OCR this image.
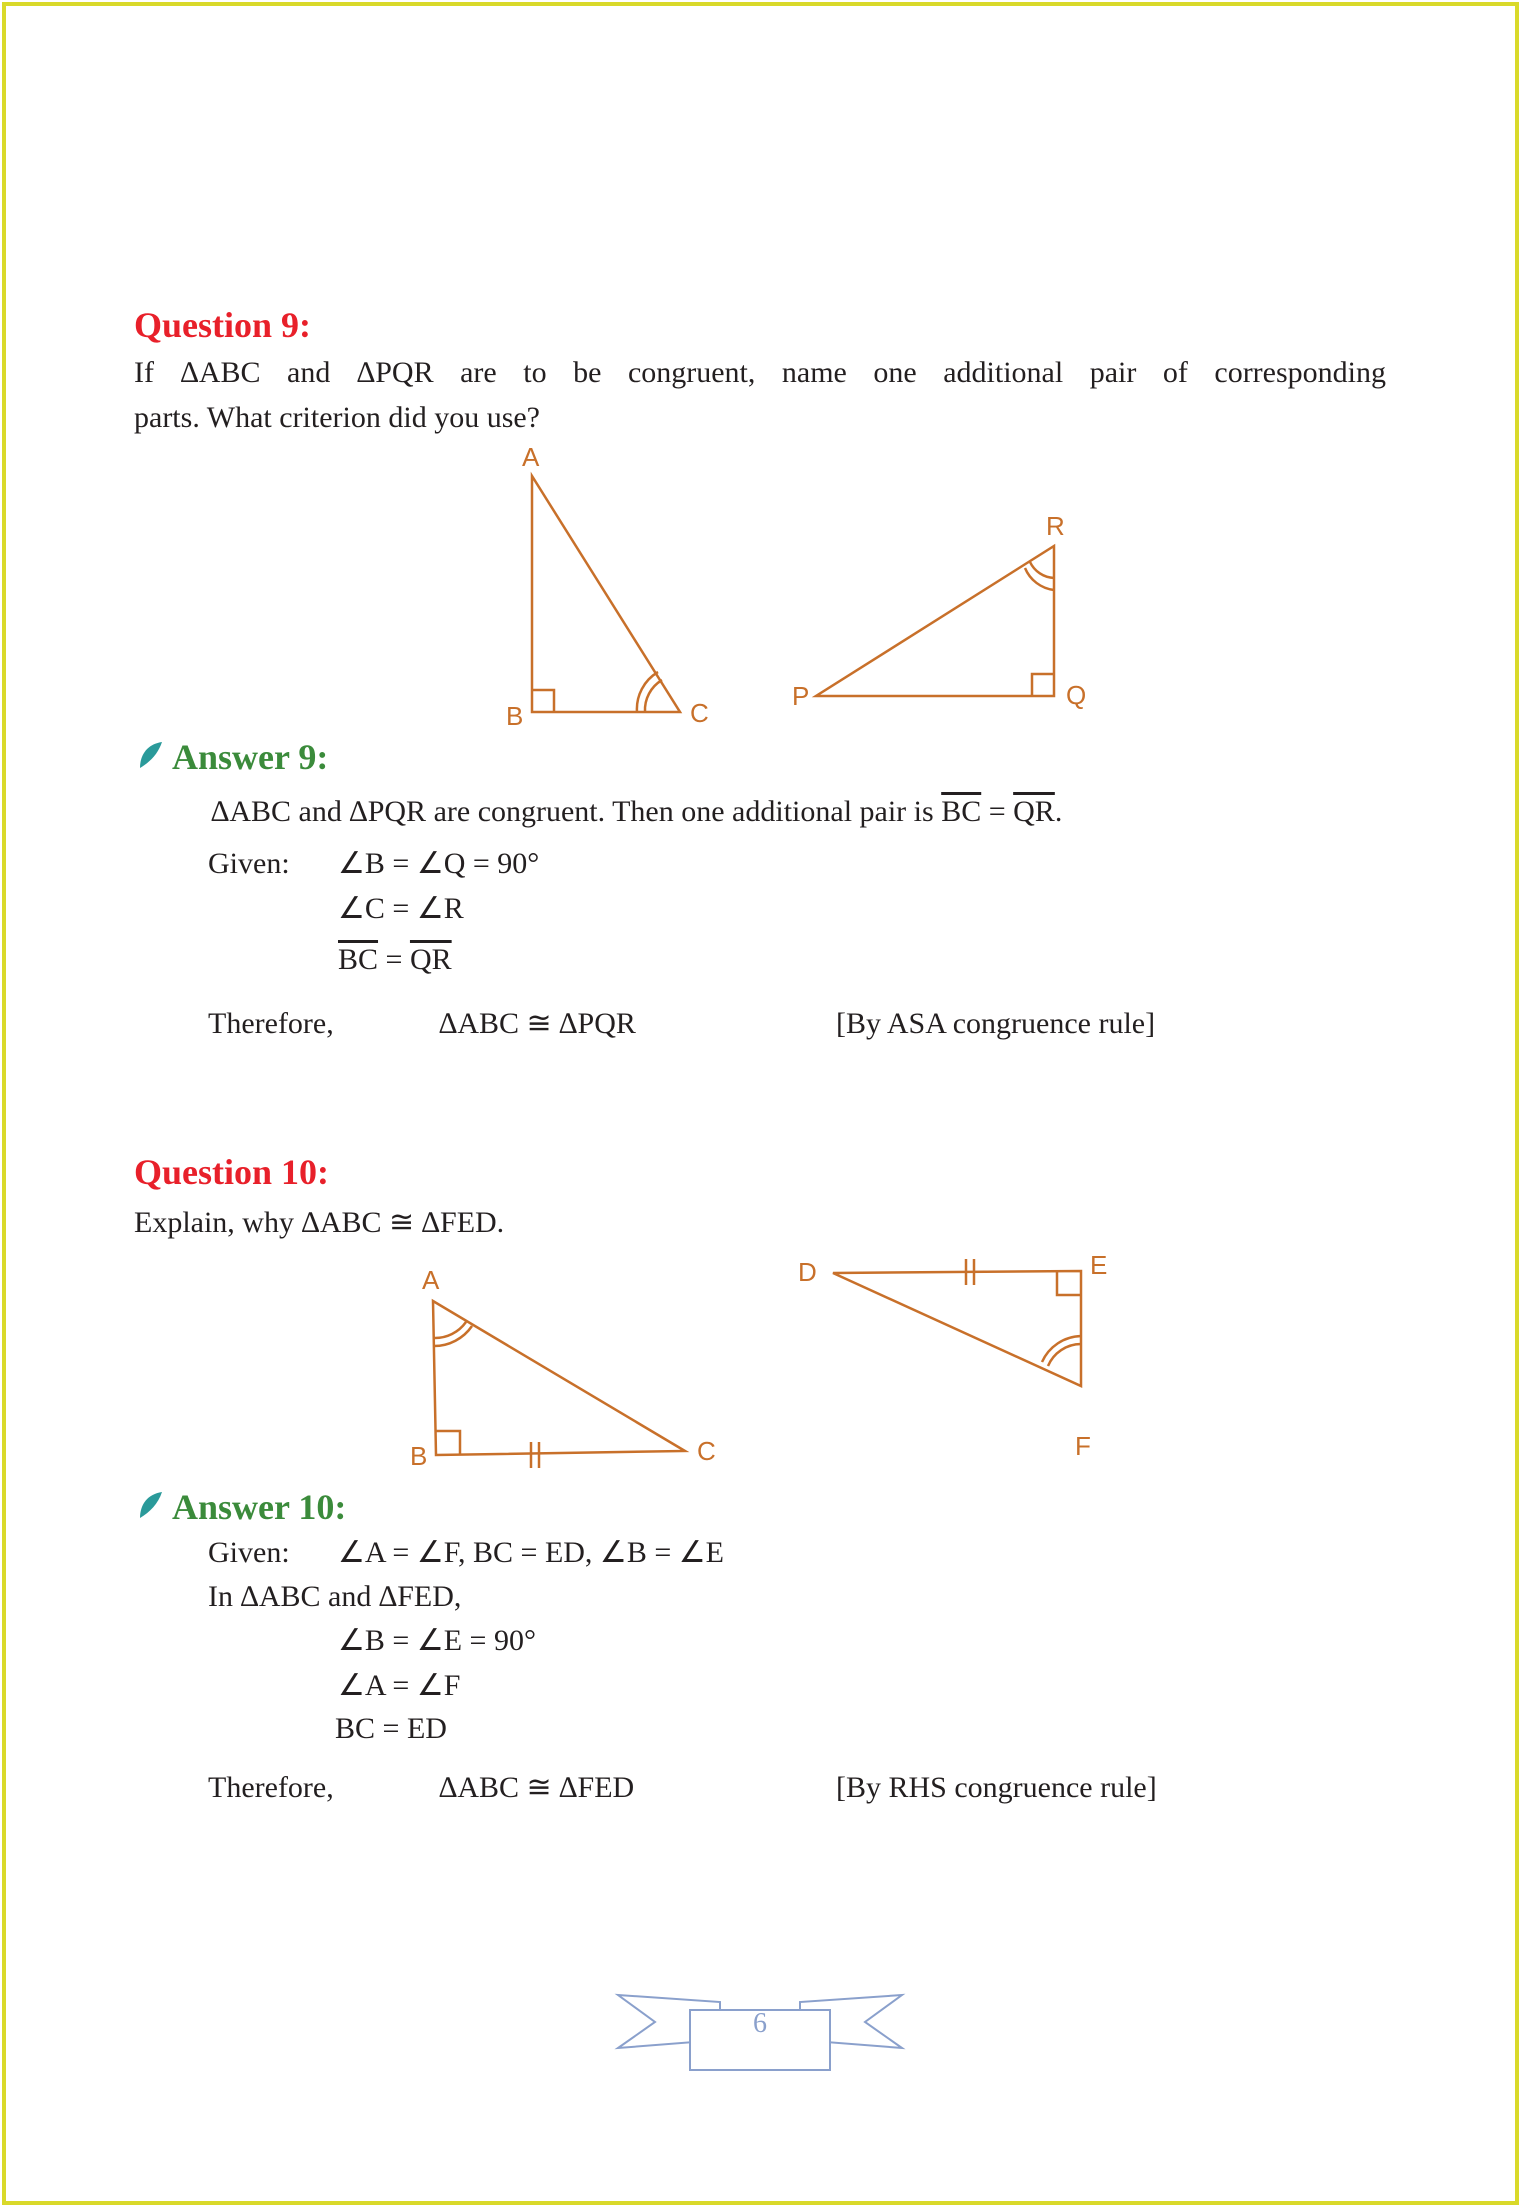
A
B	C
P	Q
R
A
B	C
D	E
F
Question 9:
If ∆ABC and ∆PQR are to be congruent, name one additional pair of corresponding
parts. What criterion did you use?
Answer 9:
∆ABC and ∆PQR are congruent. Then one additional pair is $\overline{BC} = \overline{QR}$.
Given: ∠B = ∠Q = 90°
∠C = ∠R
$\overline{BC} = \overline{QR}$
Therefore,	∆ABC ≅ ∆PQR	[By ASA congruence rule]
Question 10:
Explain, why ∆ABC ≅ ∆FED.
Answer 10:
Given: ∠A = ∠F, BC = ED, ∠B = ∠E
In ∆ABC and ∆FED,
∠B = ∠E = 90°
∠A = ∠F
BC = ED
Therefore,	∆ABC ≅ ∆FED	[By RHS congruence rule]
6
